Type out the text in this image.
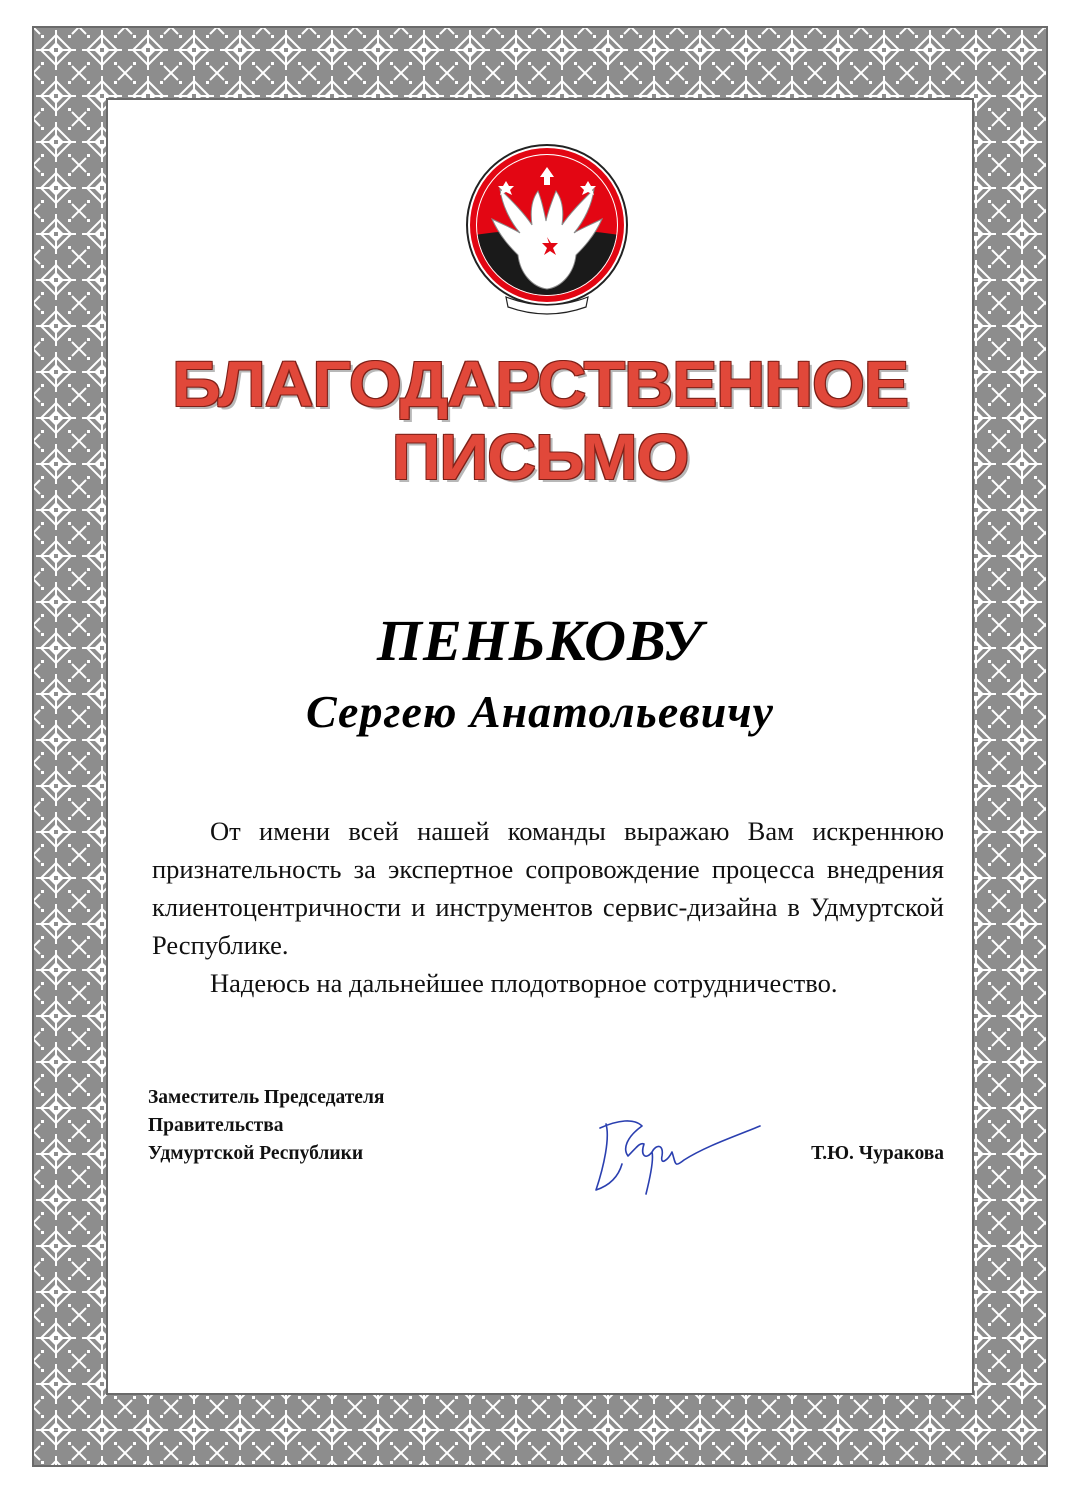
БЛАГОДАРСТВЕННОЕ
ПИСЬМО
ПЕНЬКОВУ
Сергею Анатольевичу
От имени всей нашей команды выражаю Вам искреннюю признательность за экспертное сопровождение процесса внедрения клиентоцентричности и инструментов сервис-дизайна в Удмуртской Республике.
Надеюсь на дальнейшее плодотворное сотрудничество.
Заместитель Председателя
Правительства
Удмуртской Республики	Т.Ю. Чуракова
